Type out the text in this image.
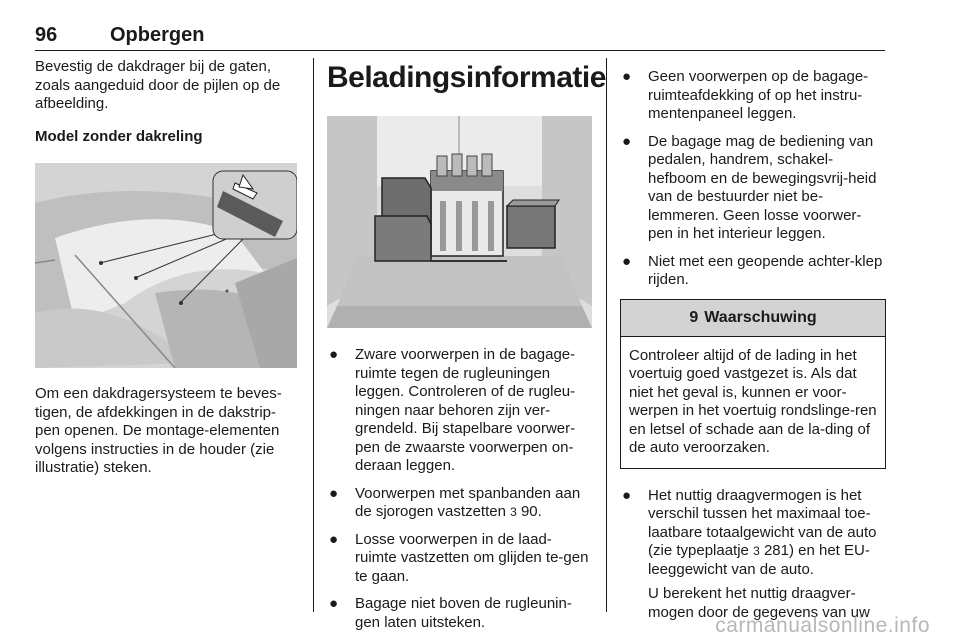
96	Opbergen

Bevestig de dakdrager bij de gaten, zoals aangeduid door de pijlen op de afbeelding.

Model zonder dakreling

Om een dakdragersysteem te beves-tigen, de afdekkingen in de dakstrip-pen openen. De montage-elementen volgens instructies in de houder (zie illustratie) steken.

Beladingsinformatie
● Zware voorwerpen in de bagage-ruimte tegen de rugleuningen leggen. Controleren of de rugleu-ningen naar behoren zijn ver-grendeld. Bij stapelbare voorwer-pen de zwaarste voorwerpen on-deraan leggen.
● Voorwerpen met spanbanden aan de sjorogen vastzetten 3 90.
● Losse voorwerpen in de laad-ruimte vastzetten om glijden te-gen te gaan.
● Bagage niet boven de rugleunin-gen laten uitsteken.
● Geen voorwerpen op de bagage-ruimteafdekking of op het instru-mentenpaneel leggen.
● De bagage mag de bediening van pedalen, handrem, schakel-hefboom en de bewegingsvrij-heid van de bestuurder niet be-lemmeren. Geen losse voorwer-pen in het interieur leggen.
● Niet met een geopende achter-klep rijden.
9 Waarschuwing
Controleer altijd of de lading in het voertuig goed vastgezet is. Als dat niet het geval is, kunnen er voor-werpen in het voertuig rondslinge-ren en letsel of schade aan de la-ding of de auto veroorzaken.
● Het nuttig draagvermogen is het verschil tussen het maximaal toe-laatbare totaalgewicht van de auto (zie typeplaatje 3 281) en het EU-leeggewicht van de auto.
U berekent het nuttig draagver-mogen door de gegevens van uw
carmanualsonline.info
